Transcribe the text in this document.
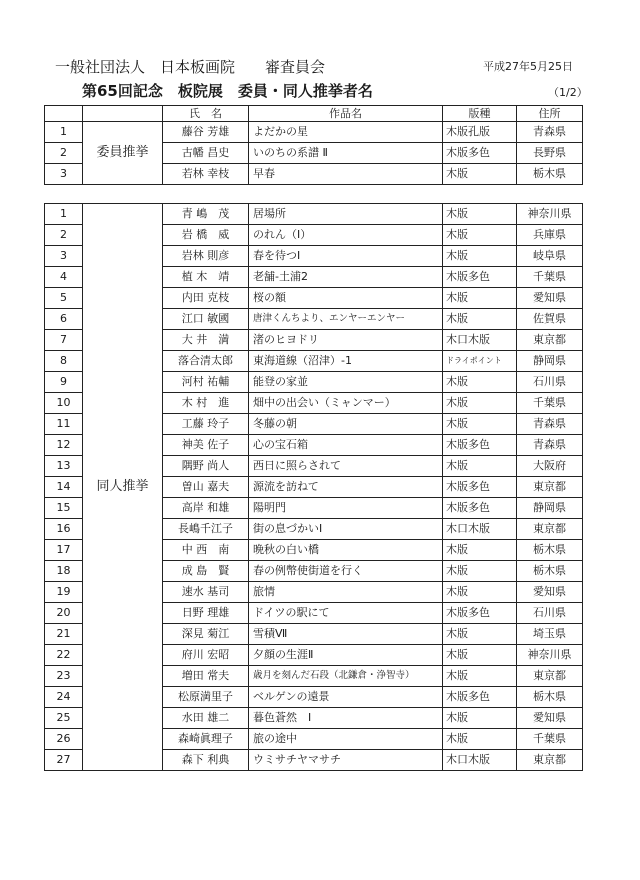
一般社団法人　日本板画院　　審査員会	平成27年5月25日
第65回記念　板院展　委員・同人推挙者名	（1/2）
		氏　名	作品名	版種	住所
1	委員推挙	藤谷 芳雄	よだかの星	木版孔版	青森県
2		古幡 昌史	いのちの系譜 Ⅱ	木版多色	長野県
3		若林 幸枝	早春	木版	栃木県
1	同人推挙	青 嶋　茂	居場所	木版	神奈川県
2		岩 橋　威	のれん（Ⅰ）	木版	兵庫県
3		岩林 則彦	春を待つⅠ	木版	岐阜県
4		植 木　靖	老舗-土浦2	木版多色	千葉県
5		内田 克枝	桜の額	木版	愛知県
6		江口 敏國	唐津くんちより、エンヤーエンヤー	木版	佐賀県
7		大 井　満	渚のヒヨドリ	木口木版	東京都
8		落合清太郎	東海道線（沼津）-1	ドライポイント	静岡県
9		河村 祐輔	能登の家並	木版	石川県
10		木 村　進	畑中の出会い（ミャンマー）	木版	千葉県
11		工藤 玲子	冬藤の朝	木版	青森県
12		神美 佐子	心の宝石箱	木版多色	青森県
13		隅野 尚人	西日に照らされて	木版	大阪府
14		曽山 嘉夫	源流を訪ねて	木版多色	東京都
15		高岸 和雄	陽明門	木版多色	静岡県
16		長嶋千江子	街の息づかいⅠ	木口木版	東京都
17		中 西　南	晩秋の白い橋	木版	栃木県
18		成 島　賢	春の例幣使街道を行く	木版	栃木県
19		速水 基司	旅情	木版	愛知県
20		日野 理雄	ドイツの駅にて	木版多色	石川県
21		深見 菊江	雪積Ⅶ	木版	埼玉県
22		府川 宏昭	夕顔の生涯Ⅱ	木版	神奈川県
23		増田 常夫	歳月を刻んだ石段（北鎌倉・浄智寺）	木版	東京都
24		松原満里子	ベルゲンの遠景	木版多色	栃木県
25		水田 雄二	暮色蒼然　Ⅰ	木版	愛知県
26		森崎眞理子	旅の途中	木版	千葉県
27		森下 利典	ウミサチヤマサチ	木口木版	東京都
